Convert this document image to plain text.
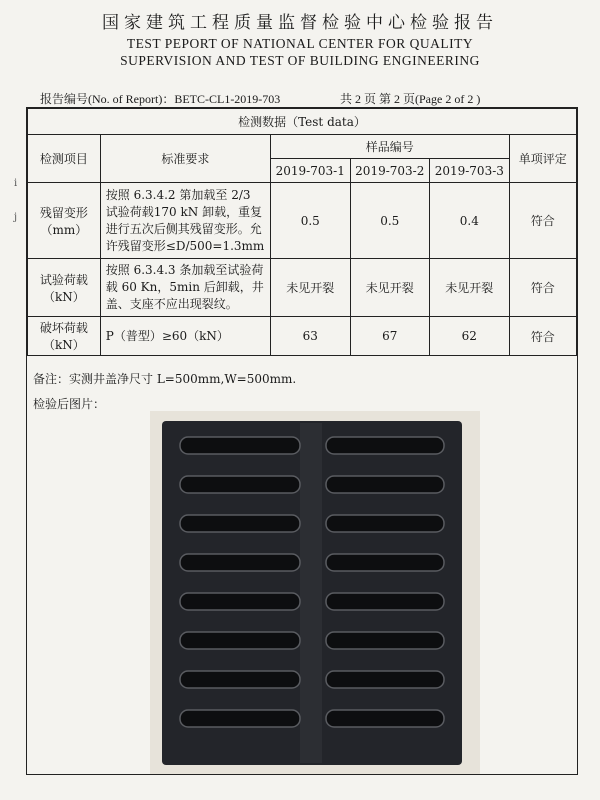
国家建筑工程质量监督检验中心检验报告
TEST PEPORT OF NATIONAL CENTER FOR QUALITY
SUPERVISION AND TEST OF BUILDING ENGINEERING
报告编号(No. of Report)：BETC-CL1-2019-703	共 2 页 第 2 页(Page 2 of 2 )
i
j
检测数据（Test data）					
检测项目	标准要求	样品编号			单项评定
		2019-703-1	2019-703-2	2019-703-3	
残留变形（mm）	按照 6.3.4.2 第加载至 2/3 试验荷载170 kN 卸载，重复进行五次后侧其残留变形。允许残留变形≤D/500=1.3mm	0.5	0.5	0.4	符合
试验荷载（kN）	按照 6.3.4.3 条加载至试验荷载 60 Kn，5min 后卸载，井盖、支座不应出现裂纹。	未见开裂	未见开裂	未见开裂	符合
破坏荷载（kN）	P（普型）≥60（kN）	63	67	62	符合
备注：实测井盖净尺寸 L=500mm,W=500mm.
检验后图片：
